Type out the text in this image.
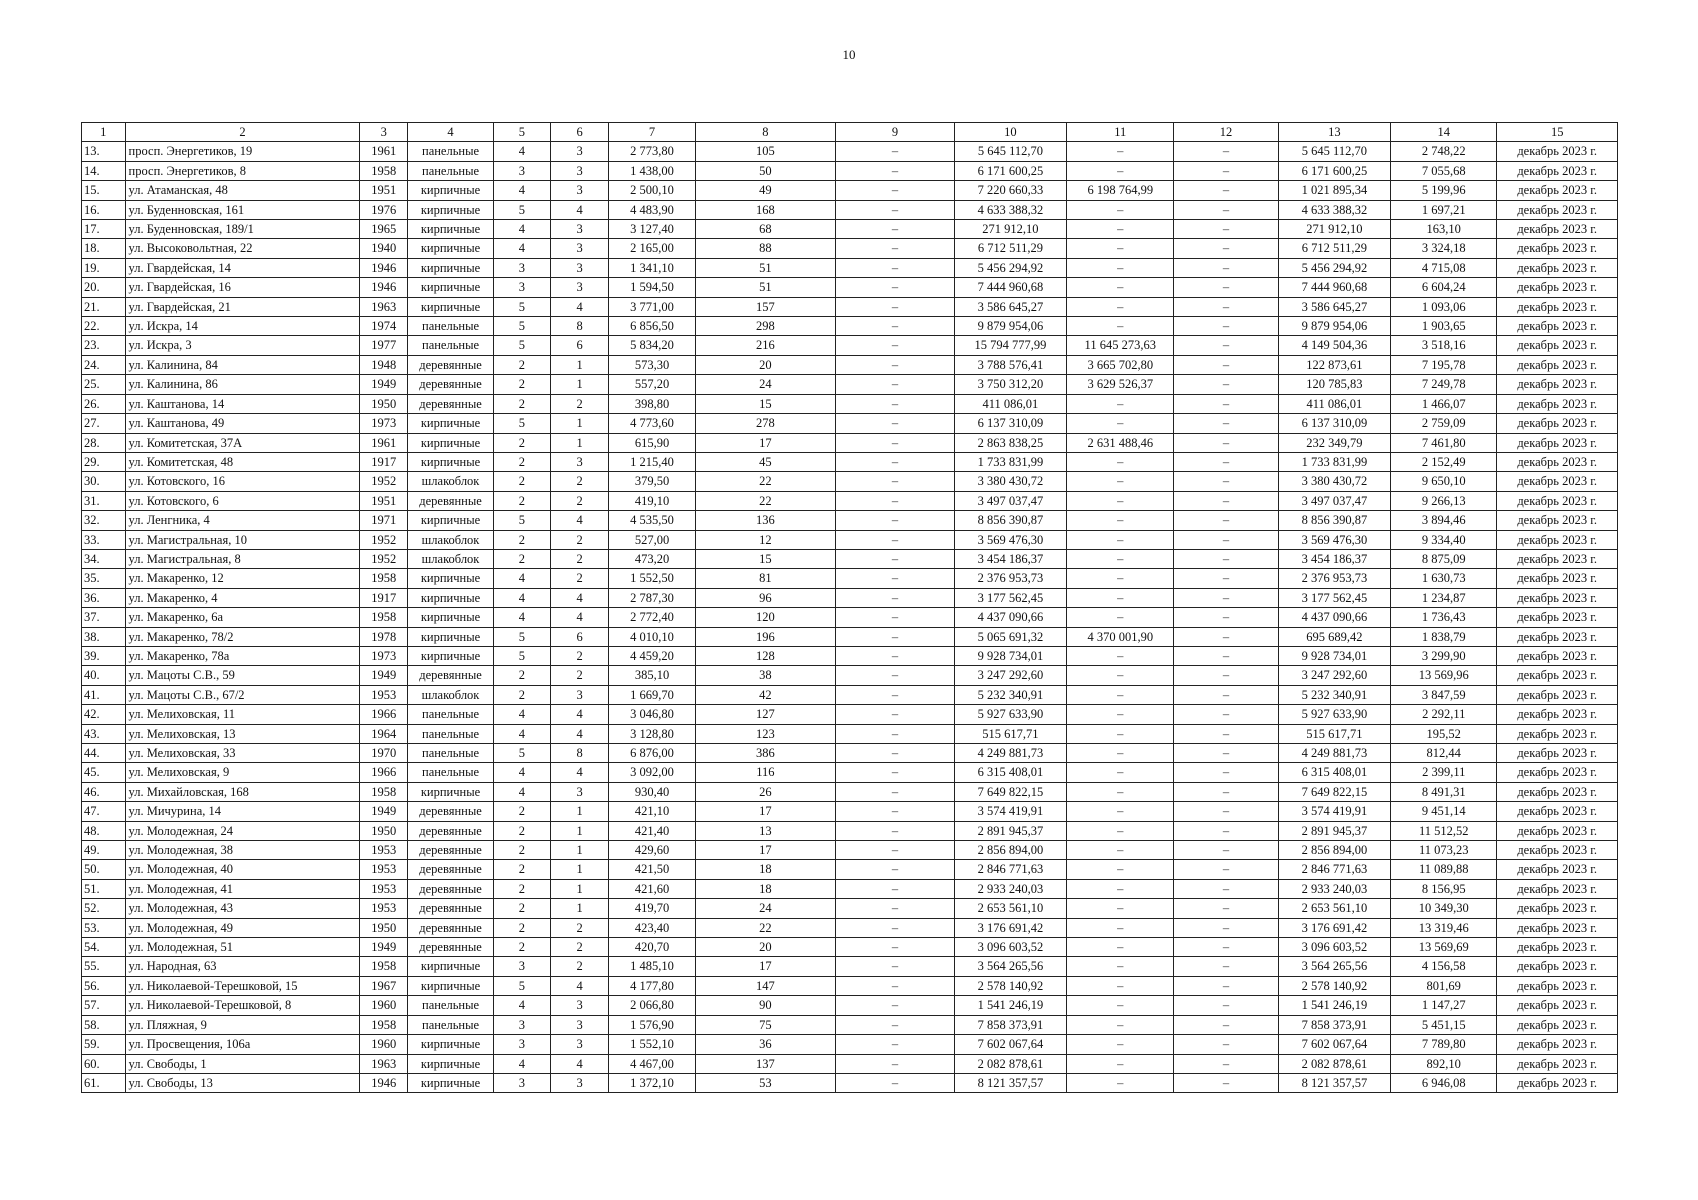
10
1	2	3	4	5	6	7	8	9	10	11	12	13	14	15
13.	просп. Энергетиков, 19	1961	панельные	4	3	2 773,80	105	–	5 645 112,70	–	–	5 645 112,70	2 748,22	декабрь 2023 г.
14.	просп. Энергетиков, 8	1958	панельные	3	3	1 438,00	50	–	6 171 600,25	–	–	6 171 600,25	7 055,68	декабрь 2023 г.
15.	ул. Атаманская, 48	1951	кирпичные	4	3	2 500,10	49	–	7 220 660,33	6 198 764,99	–	1 021 895,34	5 199,96	декабрь 2023 г.
16.	ул. Буденновская, 161	1976	кирпичные	5	4	4 483,90	168	–	4 633 388,32	–	–	4 633 388,32	1 697,21	декабрь 2023 г.
17.	ул. Буденновская, 189/1	1965	кирпичные	4	3	3 127,40	68	–	271 912,10	–	–	271 912,10	163,10	декабрь 2023 г.
18.	ул. Высоковольтная, 22	1940	кирпичные	4	3	2 165,00	88	–	6 712 511,29	–	–	6 712 511,29	3 324,18	декабрь 2023 г.
19.	ул. Гвардейская, 14	1946	кирпичные	3	3	1 341,10	51	–	5 456 294,92	–	–	5 456 294,92	4 715,08	декабрь 2023 г.
20.	ул. Гвардейская, 16	1946	кирпичные	3	3	1 594,50	51	–	7 444 960,68	–	–	7 444 960,68	6 604,24	декабрь 2023 г.
21.	ул. Гвардейская, 21	1963	кирпичные	5	4	3 771,00	157	–	3 586 645,27	–	–	3 586 645,27	1 093,06	декабрь 2023 г.
22.	ул. Искра, 14	1974	панельные	5	8	6 856,50	298	–	9 879 954,06	–	–	9 879 954,06	1 903,65	декабрь 2023 г.
23.	ул. Искра, 3	1977	панельные	5	6	5 834,20	216	–	15 794 777,99	11 645 273,63	–	4 149 504,36	3 518,16	декабрь 2023 г.
24.	ул. Калинина, 84	1948	деревянные	2	1	573,30	20	–	3 788 576,41	3 665 702,80	–	122 873,61	7 195,78	декабрь 2023 г.
25.	ул. Калинина, 86	1949	деревянные	2	1	557,20	24	–	3 750 312,20	3 629 526,37	–	120 785,83	7 249,78	декабрь 2023 г.
26.	ул. Каштанова, 14	1950	деревянные	2	2	398,80	15	–	411 086,01	–	–	411 086,01	1 466,07	декабрь 2023 г.
27.	ул. Каштанова, 49	1973	кирпичные	5	1	4 773,60	278	–	6 137 310,09	–	–	6 137 310,09	2 759,09	декабрь 2023 г.
28.	ул. Комитетская, 37А	1961	кирпичные	2	1	615,90	17	–	2 863 838,25	2 631 488,46	–	232 349,79	7 461,80	декабрь 2023 г.
29.	ул. Комитетская, 48	1917	кирпичные	2	3	1 215,40	45	–	1 733 831,99	–	–	1 733 831,99	2 152,49	декабрь 2023 г.
30.	ул. Котовского, 16	1952	шлакоблок	2	2	379,50	22	–	3 380 430,72	–	–	3 380 430,72	9 650,10	декабрь 2023 г.
31.	ул. Котовского, 6	1951	деревянные	2	2	419,10	22	–	3 497 037,47	–	–	3 497 037,47	9 266,13	декабрь 2023 г.
32.	ул. Ленгника, 4	1971	кирпичные	5	4	4 535,50	136	–	8 856 390,87	–	–	8 856 390,87	3 894,46	декабрь 2023 г.
33.	ул. Магистральная, 10	1952	шлакоблок	2	2	527,00	12	–	3 569 476,30	–	–	3 569 476,30	9 334,40	декабрь 2023 г.
34.	ул. Магистральная, 8	1952	шлакоблок	2	2	473,20	15	–	3 454 186,37	–	–	3 454 186,37	8 875,09	декабрь 2023 г.
35.	ул. Макаренко, 12	1958	кирпичные	4	2	1 552,50	81	–	2 376 953,73	–	–	2 376 953,73	1 630,73	декабрь 2023 г.
36.	ул. Макаренко, 4	1917	кирпичные	4	4	2 787,30	96	–	3 177 562,45	–	–	3 177 562,45	1 234,87	декабрь 2023 г.
37.	ул. Макаренко, 6а	1958	кирпичные	4	4	2 772,40	120	–	4 437 090,66	–	–	4 437 090,66	1 736,43	декабрь 2023 г.
38.	ул. Макаренко, 78/2	1978	кирпичные	5	6	4 010,10	196	–	5 065 691,32	4 370 001,90	–	695 689,42	1 838,79	декабрь 2023 г.
39.	ул. Макаренко, 78а	1973	кирпичные	5	2	4 459,20	128	–	9 928 734,01	–	–	9 928 734,01	3 299,90	декабрь 2023 г.
40.	ул. Мацоты С.В., 59	1949	деревянные	2	2	385,10	38	–	3 247 292,60	–	–	3 247 292,60	13 569,96	декабрь 2023 г.
41.	ул. Мацоты С.В., 67/2	1953	шлакоблок	2	3	1 669,70	42	–	5 232 340,91	–	–	5 232 340,91	3 847,59	декабрь 2023 г.
42.	ул. Мелиховская, 11	1966	панельные	4	4	3 046,80	127	–	5 927 633,90	–	–	5 927 633,90	2 292,11	декабрь 2023 г.
43.	ул. Мелиховская, 13	1964	панельные	4	4	3 128,80	123	–	515 617,71	–	–	515 617,71	195,52	декабрь 2023 г.
44.	ул. Мелиховская, 33	1970	панельные	5	8	6 876,00	386	–	4 249 881,73	–	–	4 249 881,73	812,44	декабрь 2023 г.
45.	ул. Мелиховская, 9	1966	панельные	4	4	3 092,00	116	–	6 315 408,01	–	–	6 315 408,01	2 399,11	декабрь 2023 г.
46.	ул. Михайловская, 168	1958	кирпичные	4	3	930,40	26	–	7 649 822,15	–	–	7 649 822,15	8 491,31	декабрь 2023 г.
47.	ул. Мичурина, 14	1949	деревянные	2	1	421,10	17	–	3 574 419,91	–	–	3 574 419,91	9 451,14	декабрь 2023 г.
48.	ул. Молодежная, 24	1950	деревянные	2	1	421,40	13	–	2 891 945,37	–	–	2 891 945,37	11 512,52	декабрь 2023 г.
49.	ул. Молодежная, 38	1953	деревянные	2	1	429,60	17	–	2 856 894,00	–	–	2 856 894,00	11 073,23	декабрь 2023 г.
50.	ул. Молодежная, 40	1953	деревянные	2	1	421,50	18	–	2 846 771,63	–	–	2 846 771,63	11 089,88	декабрь 2023 г.
51.	ул. Молодежная, 41	1953	деревянные	2	1	421,60	18	–	2 933 240,03	–	–	2 933 240,03	8 156,95	декабрь 2023 г.
52.	ул. Молодежная, 43	1953	деревянные	2	1	419,70	24	–	2 653 561,10	–	–	2 653 561,10	10 349,30	декабрь 2023 г.
53.	ул. Молодежная, 49	1950	деревянные	2	2	423,40	22	–	3 176 691,42	–	–	3 176 691,42	13 319,46	декабрь 2023 г.
54.	ул. Молодежная, 51	1949	деревянные	2	2	420,70	20	–	3 096 603,52	–	–	3 096 603,52	13 569,69	декабрь 2023 г.
55.	ул. Народная, 63	1958	кирпичные	3	2	1 485,10	17	–	3 564 265,56	–	–	3 564 265,56	4 156,58	декабрь 2023 г.
56.	ул. Николаевой-Терешковой, 15	1967	кирпичные	5	4	4 177,80	147	–	2 578 140,92	–	–	2 578 140,92	801,69	декабрь 2023 г.
57.	ул. Николаевой-Терешковой, 8	1960	панельные	4	3	2 066,80	90	–	1 541 246,19	–	–	1 541 246,19	1 147,27	декабрь 2023 г.
58.	ул. Пляжная, 9	1958	панельные	3	3	1 576,90	75	–	7 858 373,91	–	–	7 858 373,91	5 451,15	декабрь 2023 г.
59.	ул. Просвещения, 106а	1960	кирпичные	3	3	1 552,10	36	–	7 602 067,64	–	–	7 602 067,64	7 789,80	декабрь 2023 г.
60.	ул. Свободы, 1	1963	кирпичные	4	4	4 467,00	137	–	2 082 878,61	–	–	2 082 878,61	892,10	декабрь 2023 г.
61.	ул. Свободы, 13	1946	кирпичные	3	3	1 372,10	53	–	8 121 357,57	–	–	8 121 357,57	6 946,08	декабрь 2023 г.
